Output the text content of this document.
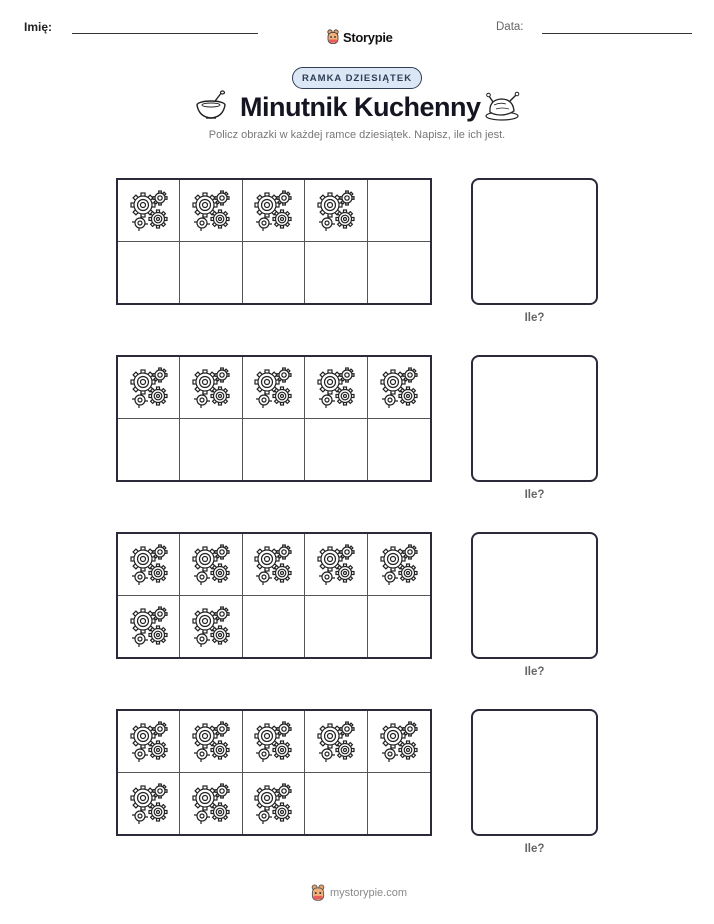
Imię:
Storypie
Data:
RAMKA DZIESIĄTEK
Minutnik Kuchenny
Policz obrazki w każdej ramce dziesiątek. Napisz, ile ich jest.
Ile?
Ile?
Ile?
Ile?
mystorypie.com
